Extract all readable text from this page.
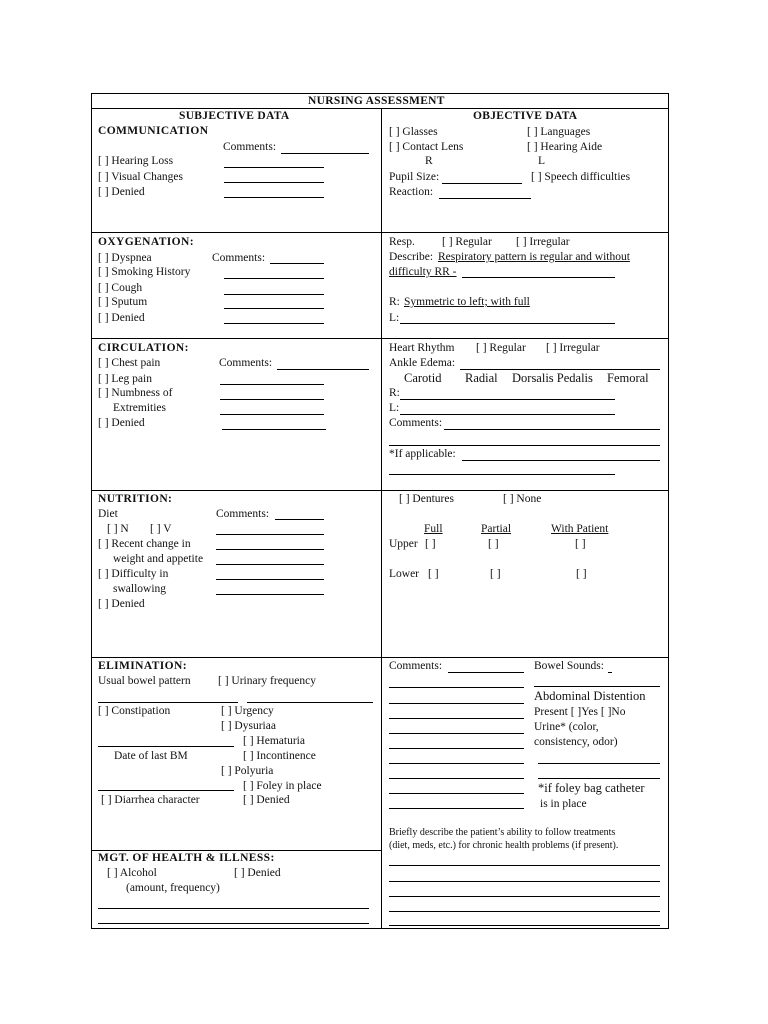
NURSING ASSESSMENT
SUBJECTIVE DATA	OBJECTIVE DATA
COMMUNICATION
Comments:
[ ] Hearing Loss
[ ] Visual Changes
[ ] Denied
[ ] Glasses	[ ] Languages
[ ] Contact Lens	[ ] Hearing Aide
R	L
Pupil Size:	[ ] Speech difficulties
Reaction:
OXYGENATION:
[ ] Dyspnea	Comments:
[ ] Smoking History
[ ] Cough
[ ] Sputum
[ ] Denied
Resp. [ ] Regular [ ] Irregular
Describe: Respiratory pattern is regular and without
difficulty RR -
R: Symmetric to left; with full
L:
CIRCULATION:
[ ] Chest pain	Comments:
[ ] Leg pain
[ ] Numbness of
Extremities
[ ] Denied
Heart Rhythm [ ] Regular [ ] Irregular
Ankle Edema:
Carotid Radial Dorsalis Pedalis Femoral
R:
L:
Comments:
*If applicable:
NUTRITION:
Diet	Comments:
[ ] N [ ] V
[ ] Recent change in
weight and appetite
[ ] Difficulty in
swallowing
[ ] Denied
[ ] Dentures	[ ] None
Full	Partial	With Patient
Upper [ ]	[ ]	[ ]
Lower [ ]	[ ]	[ ]
ELIMINATION:
Usual bowel pattern [ ] Urinary frequency
[ ] Constipation	[ ] Urgency
[ ] Dysuriaa
[ ] Hematuria
Date of last BM	[ ] Incontinence
[ ] Polyuria
[ ] Foley in place
[ ] Diarrhea character	[ ] Denied
Comments:	Bowel Sounds:
Abdominal Distention
Present [ ]Yes [ ]No
Urine* (color,
consistency, odor)
*if foley bag catheter
is in place
MGT. OF HEALTH & ILLNESS:
[ ] Alcohol	[ ] Denied
(amount, frequency)
Briefly describe the patient’s ability to follow treatments
(diet, meds, etc.) for chronic health problems (if present).
